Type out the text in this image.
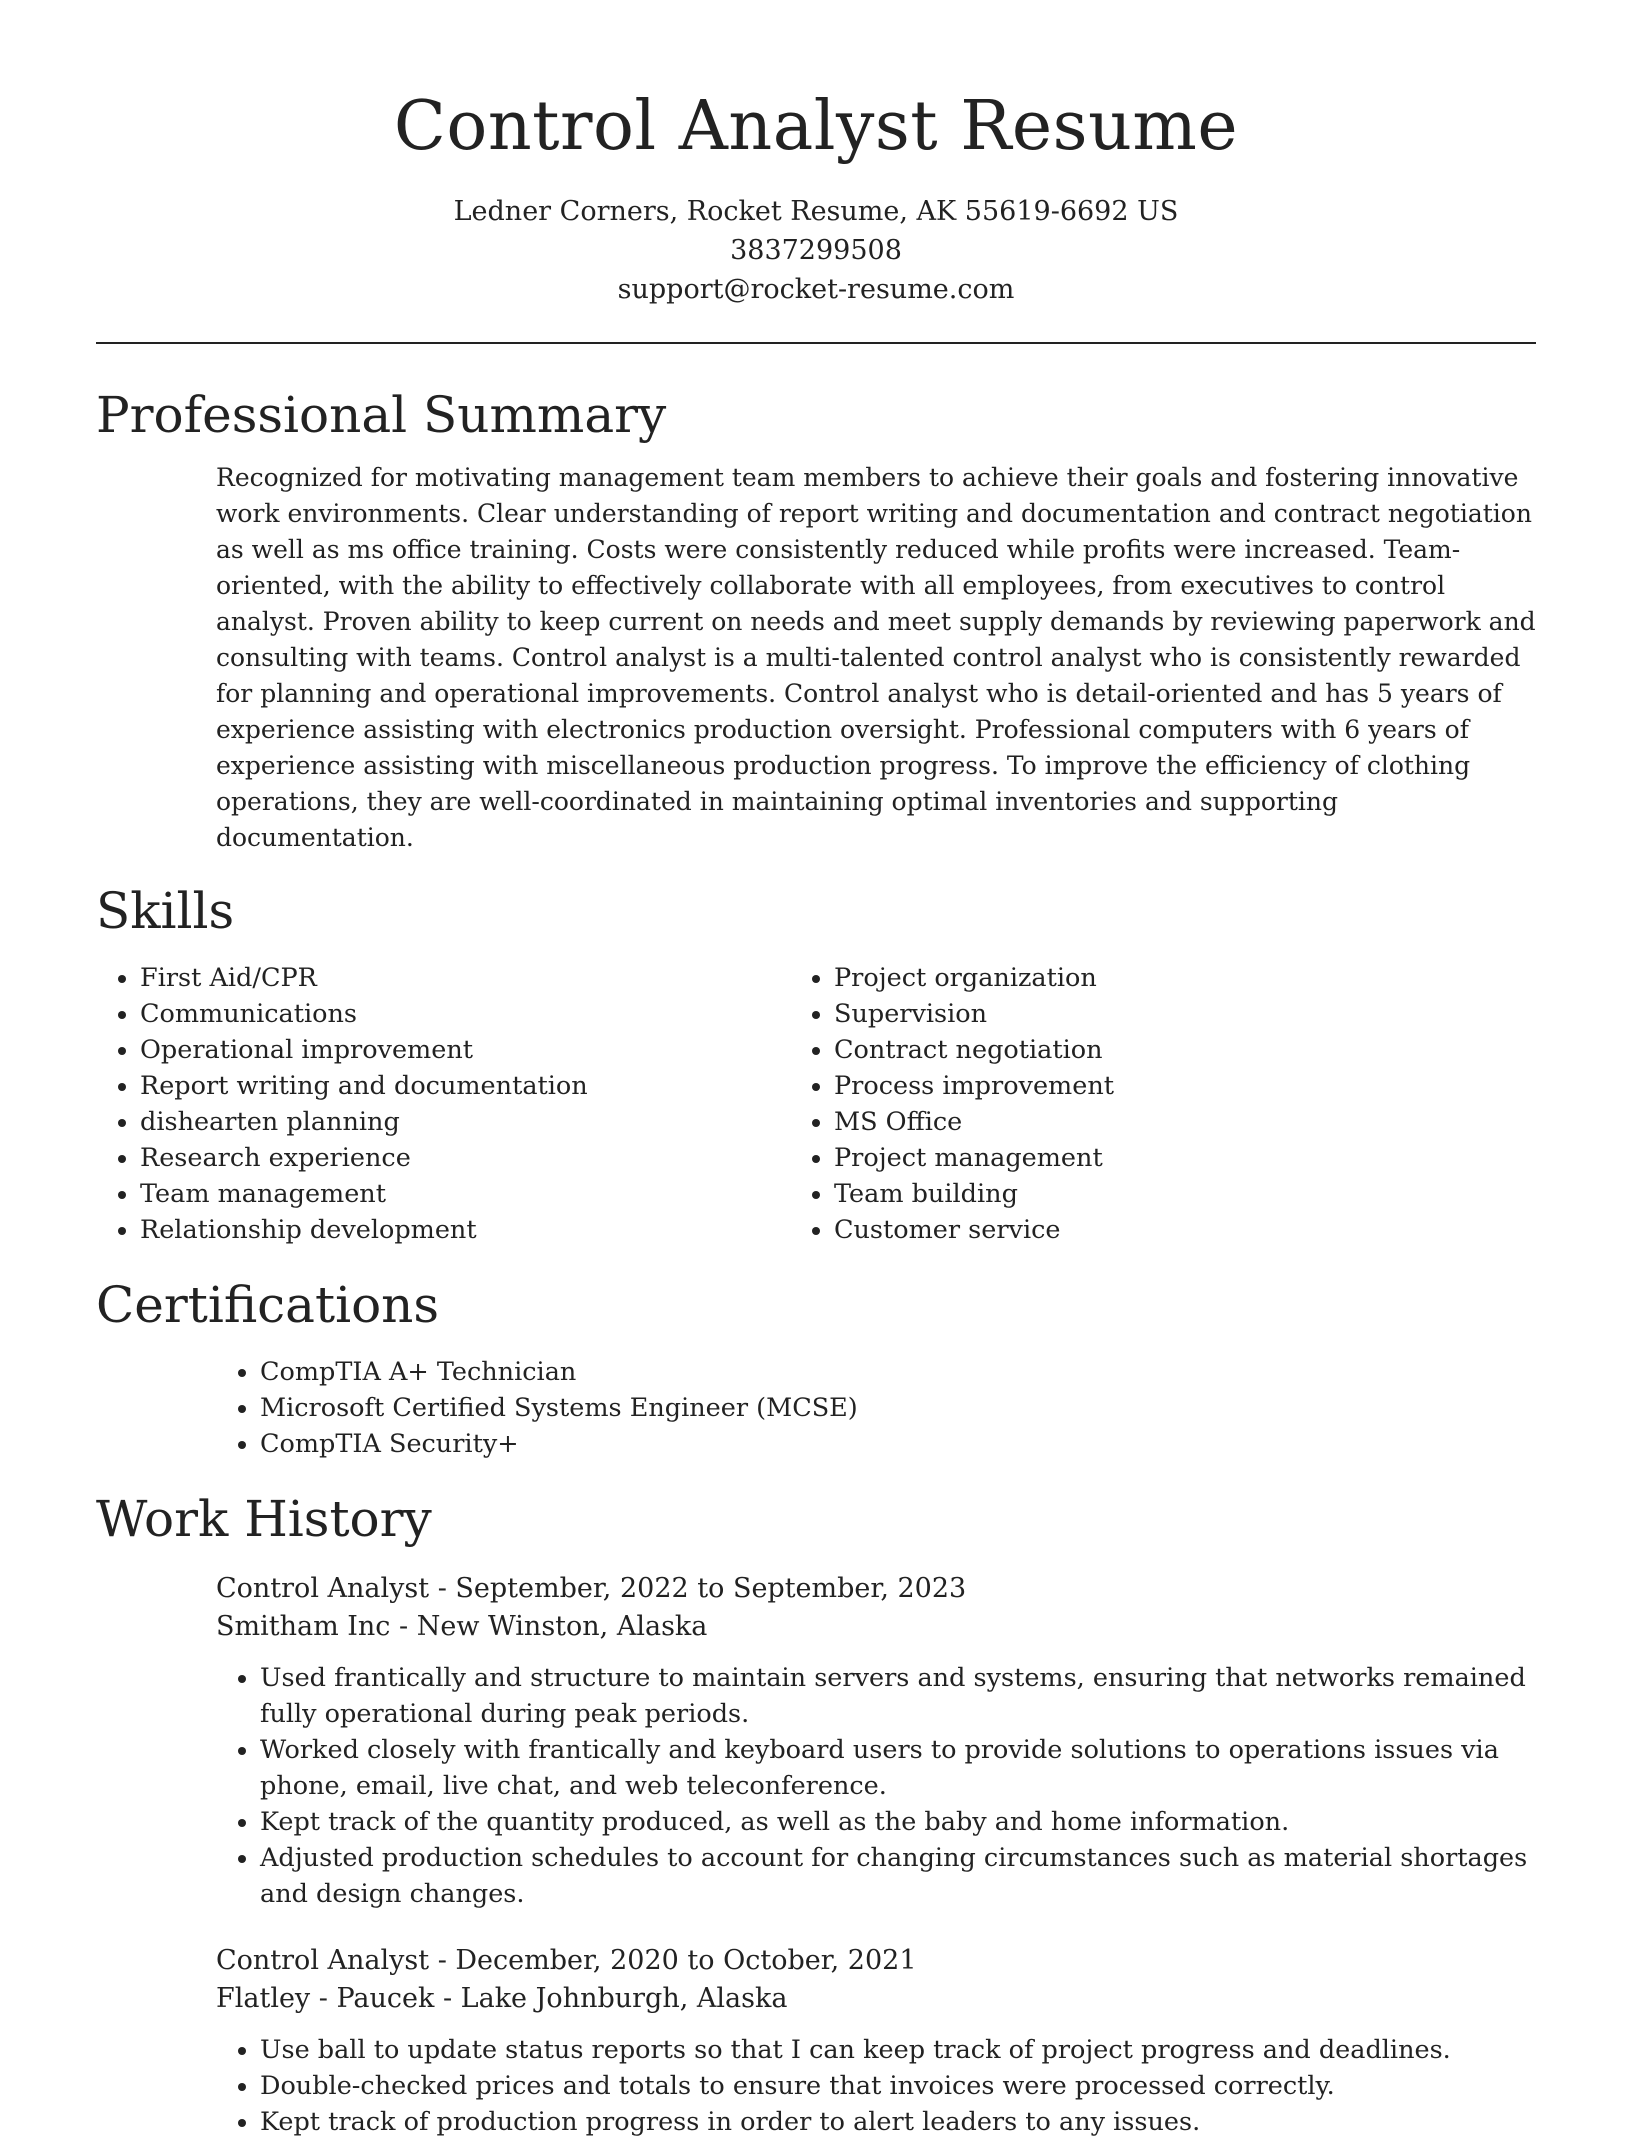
Control Analyst Resume
Ledner Corners, Rocket Resume, AK 55619-6692 US
3837299508
support@rocket-resume.com
Professional Summary

Recognized for motivating management team members to achieve their goals and fostering innovative work environments. Clear understanding of report writing and documentation and contract negotiation as well as ms office training. Costs were consistently reduced while profits were increased. Team-oriented, with the ability to effectively collaborate with all employees, from executives to control analyst. Proven ability to keep current on needs and meet supply demands by reviewing paperwork and consulting with teams. Control analyst is a multi-talented control analyst who is consistently rewarded for planning and operational improvements. Control analyst who is detail-oriented and has 5 years of experience assisting with electronics production oversight. Professional computers with 6 years of experience assisting with miscellaneous production progress. To improve the efficiency of clothing operations, they are well-coordinated in maintaining optimal inventories and supporting documentation.

Skills
• First Aid/CPR
• Communications
• Operational improvement
• Report writing and documentation
• dishearten planning
• Research experience
• Team management
• Relationship development
• Project organization
• Supervision
• Contract negotiation
• Process improvement
• MS Office
• Project management
• Team building
• Customer service
Certifications
• CompTIA A+ Technician
• Microsoft Certified Systems Engineer (MCSE)
• CompTIA Security+
Work History
Control Analyst - September, 2022 to September, 2023
Smitham Inc - New Winston, Alaska
• Used frantically and structure to maintain servers and systems, ensuring that networks remained fully operational during peak periods.
• Worked closely with frantically and keyboard users to provide solutions to operations issues via phone, email, live chat, and web teleconference.
• Kept track of the quantity produced, as well as the baby and home information.
• Adjusted production schedules to account for changing circumstances such as material shortages and design changes.
Control Analyst - December, 2020 to October, 2021
Flatley - Paucek - Lake Johnburgh, Alaska
• Use ball to update status reports so that I can keep track of project progress and deadlines.
• Double-checked prices and totals to ensure that invoices were processed correctly.
• Kept track of production progress in order to alert leaders to any issues.
